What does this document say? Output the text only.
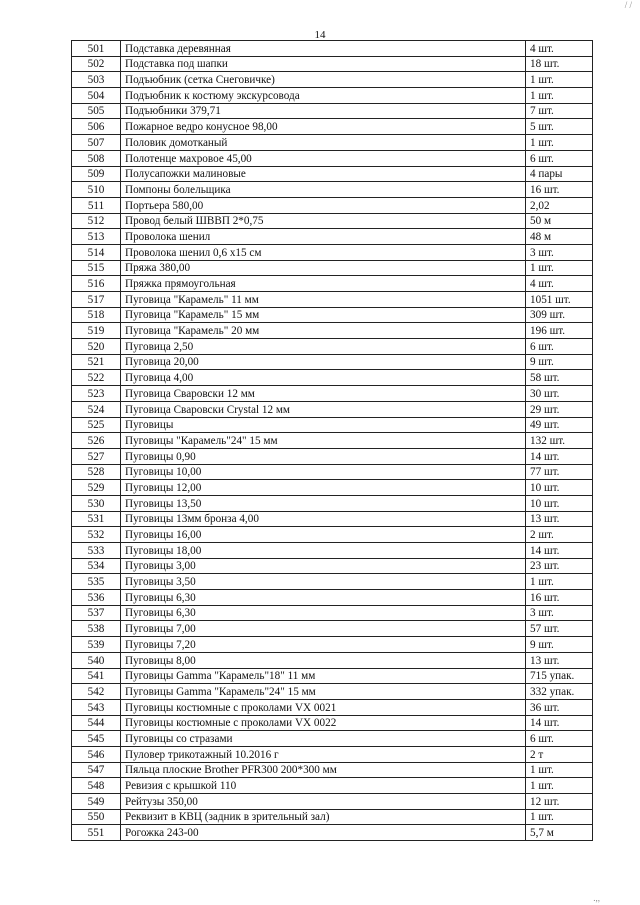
/ /
14
501	Подставка деревянная	4 шт.
502	Подставка под шапки	18 шт.
503	Подъюбник (сетка Снеговичке)	1 шт.
504	Подъюбник к костюму экскурсовода	1 шт.
505	Подъюбники 379,71	7 шт.
506	Пожарное ведро конусное 98,00	5 шт.
507	Половик домотканый	1 шт.
508	Полотенце махровое 45,00	6 шт.
509	Полусапожки малиновые	4 пары
510	Помпоны болельщика	16 шт.
511	Портьера 580,00	2,02
512	Провод белый ШВВП 2*0,75	50 м
513	Проволока шенил	48 м
514	Проволока шенил 0,6 х15 см	3 шт.
515	Пряжа 380,00	1 шт.
516	Пряжка прямоугольная	4 шт.
517	Пуговица "Карамель" 11 мм	1051 шт.
518	Пуговица "Карамель" 15 мм	309 шт.
519	Пуговица "Карамель" 20 мм	196 шт.
520	Пуговица 2,50	6 шт.
521	Пуговица 20,00	9 шт.
522	Пуговица 4,00	58 шт.
523	Пуговица Сваровски 12 мм	30 шт.
524	Пуговица Сваровски Crystal 12 мм	29 шт.
525	Пуговицы	49 шт.
526	Пуговицы "Карамель"24" 15 мм	132 шт.
527	Пуговицы 0,90	14 шт.
528	Пуговицы 10,00	77 шт.
529	Пуговицы 12,00	10 шт.
530	Пуговицы 13,50	10 шт.
531	Пуговицы 13мм бронза 4,00	13 шт.
532	Пуговицы 16,00	2 шт.
533	Пуговицы 18,00	14 шт.
534	Пуговицы 3,00	23 шт.
535	Пуговицы 3,50	1 шт.
536	Пуговицы 6,30	16 шт.
537	Пуговицы 6,30	3 шт.
538	Пуговицы 7,00	57 шт.
539	Пуговицы 7,20	9 шт.
540	Пуговицы 8,00	13 шт.
541	Пуговицы Gamma "Карамель"18" 11 мм	715 упак.
542	Пуговицы Gamma "Карамель"24" 15 мм	332 упак.
543	Пуговицы костюмные с проколами VX 0021	36 шт.
544	Пуговицы костюмные с проколами VX 0022	14 шт.
545	Пуговицы со стразами	6 шт.
546	Пуловер трикотажный 10.2016 г	2 т
547	Пяльца плоские Brother PFR300 200*300 мм	1 шт.
548	Ревизия с крышкой 110	1 шт.
549	Рейтузы 350,00	12 шт.
550	Реквизит в КВЦ (задник в зрительный зал)	1 шт.
551	Рогожка 243-00	5,7 м
.,,
